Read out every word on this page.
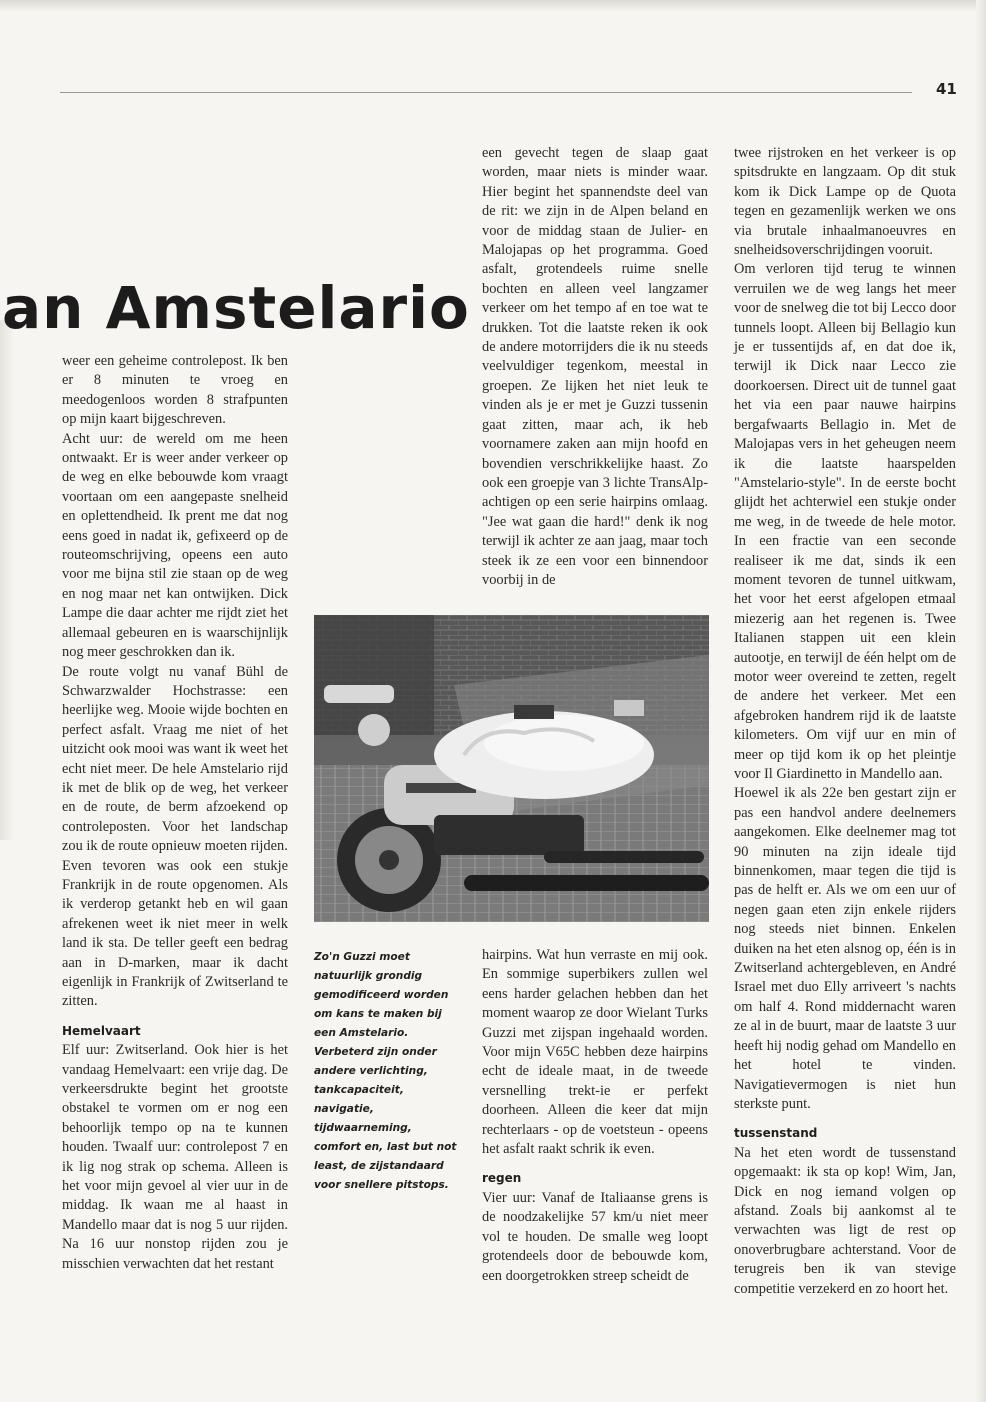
41
an Amstelario

weer een geheime controlepost. Ik ben er 8 minuten te vroeg en meedogenloos worden 8 strafpunten op mijn kaart bijgeschreven.

Acht uur: de wereld om me heen ontwaakt. Er is weer ander verkeer op de weg en elke bebouwde kom vraagt voortaan om een aangepaste snelheid en oplettendheid. Ik prent me dat nog eens goed in nadat ik, gefixeerd op de routeomschrijving, opeens een auto voor me bijna stil zie staan op de weg en nog maar net kan ontwijken. Dick Lampe die daar achter me rijdt ziet het allemaal gebeuren en is waarschijnlijk nog meer geschrokken dan ik.

De route volgt nu vanaf Bühl de Schwarzwalder Hochstrasse: een heerlijke weg. Mooie wijde bochten en perfect asfalt. Vraag me niet of het uitzicht ook mooi was want ik weet het echt niet meer. De hele Amstelario rijd ik met de blik op de weg, het verkeer en de route, de berm afzoekend op controleposten. Voor het landschap zou ik de route opnieuw moeten rijden.

Even tevoren was ook een stukje Frankrijk in de route opgenomen. Als ik verderop getankt heb en wil gaan afrekenen weet ik niet meer in welk land ik sta. De teller geeft een bedrag aan in D-marken, maar ik dacht eigenlijk in Frankrijk of Zwitserland te zitten.

Hemelvaart

Elf uur: Zwitserland. Ook hier is het vandaag Hemelvaart: een vrije dag. De verkeersdrukte begint het grootste obstakel te vormen om er nog een behoorlijk tempo op na te kunnen houden. Twaalf uur: controlepost 7 en ik lig nog strak op schema. Alleen is het voor mijn gevoel al vier uur in de middag. Ik waan me al haast in Mandello maar dat is nog 5 uur rijden. Na 16 uur nonstop rijden zou je misschien verwachten dat het restant

een gevecht tegen de slaap gaat worden, maar niets is minder waar. Hier begint het spannendste deel van de rit: we zijn in de Alpen beland en voor de middag staan de Julier- en Malojapas op het programma. Goed asfalt, grotendeels ruime snelle bochten en alleen veel langzamer verkeer om het tempo af en toe wat te drukken. Tot die laatste reken ik ook de andere motorrijders die ik nu steeds veelvuldiger tegenkom, meestal in groepen. Ze lijken het niet leuk te vinden als je er met je Guzzi tussenin gaat zitten, maar ach, ik heb voornamere zaken aan mijn hoofd en bovendien verschrikkelijke haast. Zo ook een groepje van 3 lichte TransAlp-achtigen op een serie hairpins omlaag. "Jee wat gaan die hard!" denk ik nog terwijl ik achter ze aan jaag, maar toch steek ik ze een voor een binnendoor voorbij in de

Zo'n Guzzi moet natuurlijk grondig gemodificeerd worden om kans te maken bij een Amstelario. Verbeterd zijn onder andere verlichting, tankcapaciteit, navigatie, tijdwaarneming, comfort en, last but not least, de zijstandaard voor snellere pitstops.

hairpins. Wat hun verraste en mij ook. En sommige superbikers zullen wel eens harder gelachen hebben dan het moment waarop ze door Wielant Turks Guzzi met zijspan ingehaald worden. Voor mijn V65C hebben deze hairpins echt de ideale maat, in de tweede versnelling trekt-ie er perfekt doorheen. Alleen die keer dat mijn rechterlaars - op de voetsteun - opeens het asfalt raakt schrik ik even.

regen

Vier uur: Vanaf de Italiaanse grens is de noodzakelijke 57 km/u niet meer vol te houden. De smalle weg loopt grotendeels door de bebouwde kom, een doorgetrokken streep scheidt de

twee rijstroken en het verkeer is op spitsdrukte en langzaam. Op dit stuk kom ik Dick Lampe op de Quota tegen en gezamenlijk werken we ons via brutale inhaalmanoeuvres en snelheidsoverschrijdingen vooruit.

Om verloren tijd terug te winnen verruilen we de weg langs het meer voor de snelweg die tot bij Lecco door tunnels loopt. Alleen bij Bellagio kun je er tussentijds af, en dat doe ik, terwijl ik Dick naar Lecco zie doorkoersen. Direct uit de tunnel gaat het via een paar nauwe hairpins bergafwaarts Bellagio in. Met de Malojapas vers in het geheugen neem ik die laatste haarspelden "Amstelario-style". In de eerste bocht glijdt het achterwiel een stukje onder me weg, in de tweede de hele motor. In een fractie van een seconde realiseer ik me dat, sinds ik een moment tevoren de tunnel uitkwam, het voor het eerst afgelopen etmaal miezerig aan het regenen is. Twee Italianen stappen uit een klein autootje, en terwijl de één helpt om de motor weer overeind te zetten, regelt de andere het verkeer. Met een afgebroken handrem rijd ik de laatste kilometers. Om vijf uur en min of meer op tijd kom ik op het pleintje voor Il Giardinetto in Mandello aan.

Hoewel ik als 22e ben gestart zijn er pas een handvol andere deelnemers aangekomen. Elke deelnemer mag tot 90 minuten na zijn ideale tijd binnenkomen, maar tegen die tijd is pas de helft er. Als we om een uur of negen gaan eten zijn enkele rijders nog steeds niet binnen. Enkelen duiken na het eten alsnog op, één is in Zwitserland achtergebleven, en André Israel met duo Elly arriveert 's nachts om half 4. Rond middernacht waren ze al in de buurt, maar de laatste 3 uur heeft hij nodig gehad om Mandello en het hotel te vinden. Navigatievermogen is niet hun sterkste punt.

tussenstand

Na het eten wordt de tussenstand opgemaakt: ik sta op kop! Wim, Jan, Dick en nog iemand volgen op afstand. Zoals bij aankomst al te verwachten was ligt de rest op onoverbrugbare achterstand. Voor de terugreis ben ik van stevige competitie verzekerd en zo hoort het.
